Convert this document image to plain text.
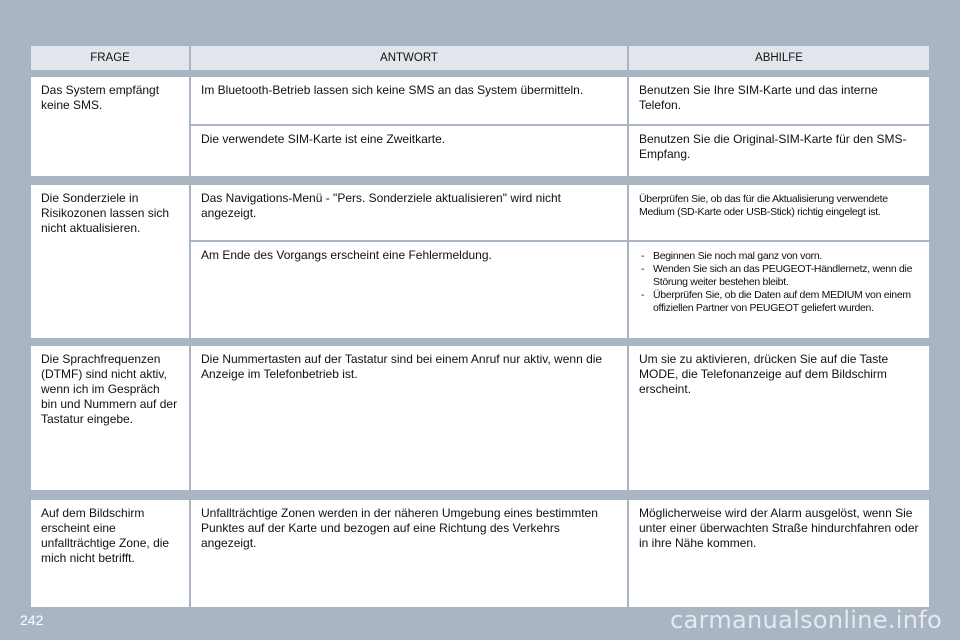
FRAGE	ANTWORT	ABHILFE
Das System empfängt keine SMS.
Im Bluetooth-Betrieb lassen sich keine SMS an das System übermitteln.	Benutzen Sie Ihre SIM-Karte und das interne Telefon.
Die verwendete SIM-Karte ist eine Zweitkarte.	Benutzen Sie die Original-SIM-Karte für den SMS-Empfang.
Die Sonderziele in Risikozonen lassen sich nicht aktualisieren.
Das Navigations-Menü - "Pers. Sonderziele aktualisieren" wird nicht angezeigt.
Überprüfen Sie, ob das für die Aktualisierung verwendete Medium (SD-Karte oder USB-Stick) richtig eingelegt ist.
Am Ende des Vorgangs erscheint eine Fehlermeldung.
-	Beginnen Sie noch mal ganz von vorn.
- Wenden Sie sich an das PEUGEOT-Händlernetz, wenn die Störung weiter bestehen bleibt.
- Überprüfen Sie, ob die Daten auf dem MEDIUM von einem offiziellen Partner von PEUGEOT geliefert wurden.
Die Sprachfrequenzen (DTMF) sind nicht aktiv, wenn ich im Gespräch bin und Nummern auf der Tastatur eingebe.
Die Nummertasten auf der Tastatur sind bei einem Anruf nur aktiv, wenn die Anzeige im Telefonbetrieb ist.
Um sie zu aktivieren, drücken Sie auf die Taste MODE, die Telefonanzeige auf dem Bildschirm erscheint.
Auf dem Bildschirm erscheint eine unfallträchtige Zone, die mich nicht betrifft.
Unfallträchtige Zonen werden in der näheren Umgebung eines bestimmten Punktes auf der Karte und bezogen auf eine Richtung des Verkehrs angezeigt.
Möglicherweise wird der Alarm ausgelöst, wenn Sie unter einer überwachten Straße hindurchfahren oder in ihre Nähe kommen.
242	carmanualsonline.info
